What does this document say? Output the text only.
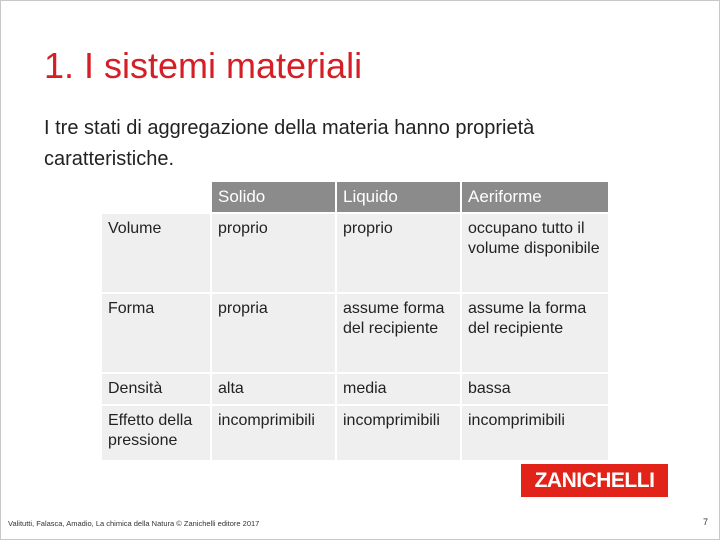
1. I sistemi materiali

I tre stati di aggregazione della materia hanno proprietà caratteristiche.

	Solido	Liquido	Aeriforme
Volume	proprio	proprio	occupano tutto il volume disponibile
Forma	propria	assume forma del recipiente	assume la forma del recipiente
Densità	alta	media	bassa
Effetto della pressione	incomprimibili	incomprimibili	incomprimibili
ZANICHELLI
Valitutti, Falasca, Amadio, La chimica della Natura © Zanichelli editore 2017	7
